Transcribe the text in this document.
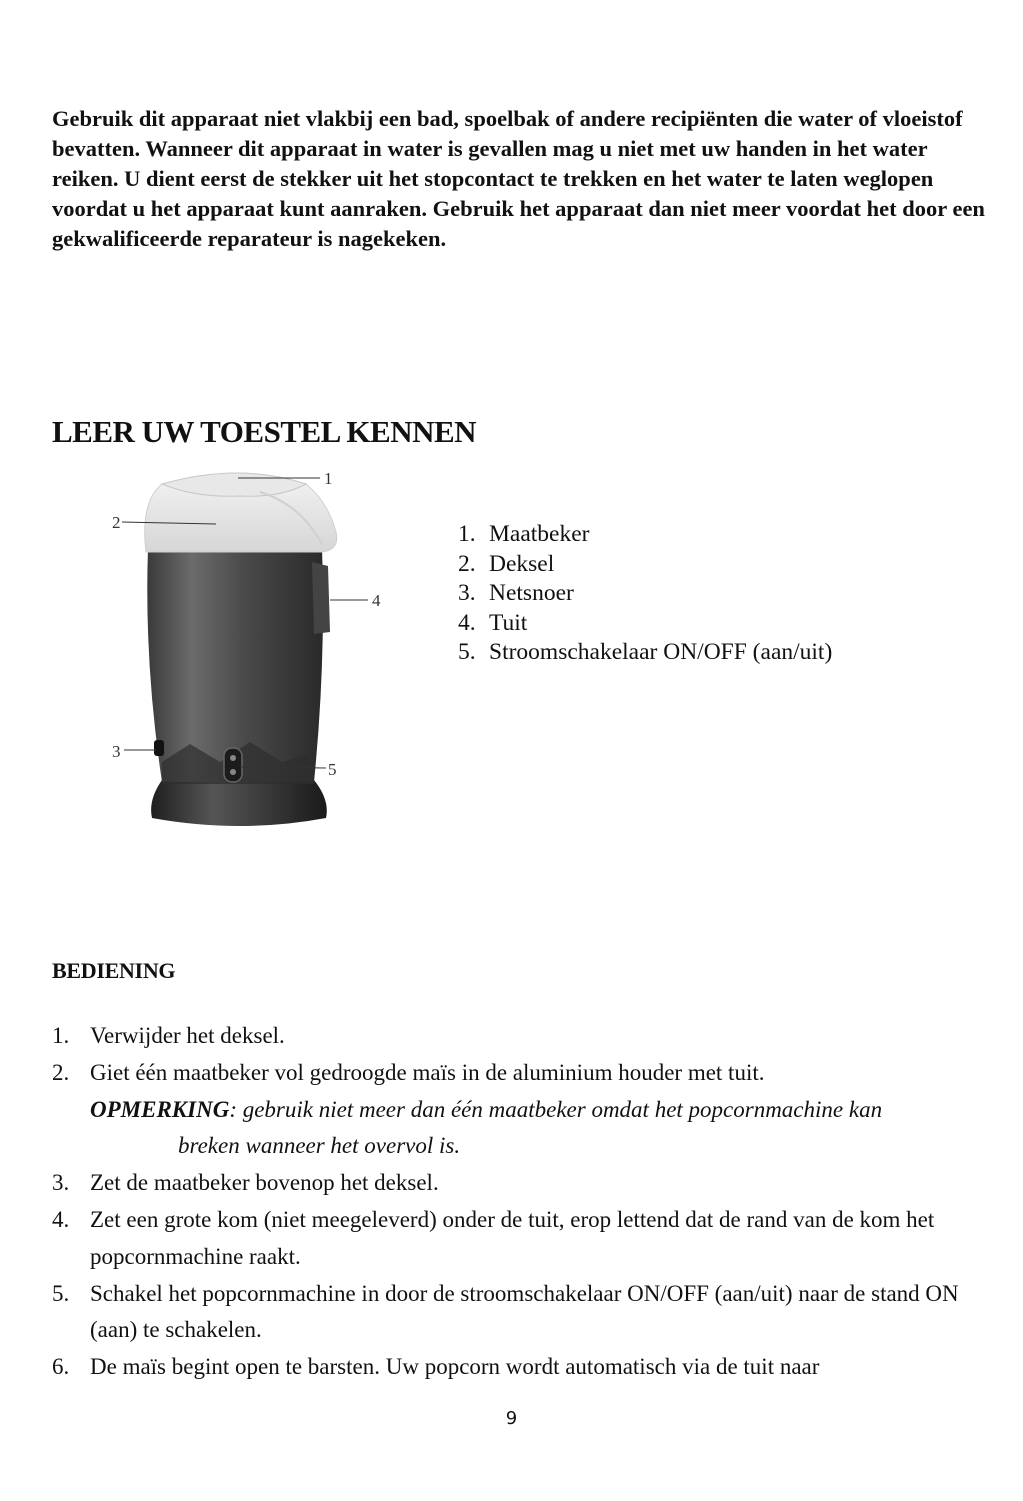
Gebruik dit apparaat niet vlakbij een bad, spoelbak of andere recipiënten die water of vloeistof bevatten. Wanneer dit apparaat in water is gevallen mag u niet met uw handen in het water reiken. U dient eerst de stekker uit het stopcontact te trekken en het water te laten weglopen voordat u het apparaat kunt aanraken. Gebruik het apparaat dan niet meer voordat het door een gekwalificeerde reparateur is nagekeken.

LEER UW TOESTEL KENNEN
1
2
4
3
5
1. Maatbeker
2. Deksel
3. Netsnoer
4. Tuit
5. Stroomschakelaar ON/OFF (aan/uit)
BEDIENING
1. Verwijder het deksel.
2. Giet één maatbeker vol gedroogde maïs in de aluminium houder met tuit.
OPMERKING: gebruik niet meer dan één maatbeker omdat het popcornmachine kan
breken wanneer het overvol is.
3. Zet de maatbeker bovenop het deksel.
4. Zet een grote kom (niet meegeleverd) onder de tuit, erop lettend dat de rand van de kom het popcornmachine raakt.
5. Schakel het popcornmachine in door de stroomschakelaar ON/OFF (aan/uit) naar de stand ON (aan) te schakelen.
6. De maïs begint open te barsten. Uw popcorn wordt automatisch via de tuit naar
9
